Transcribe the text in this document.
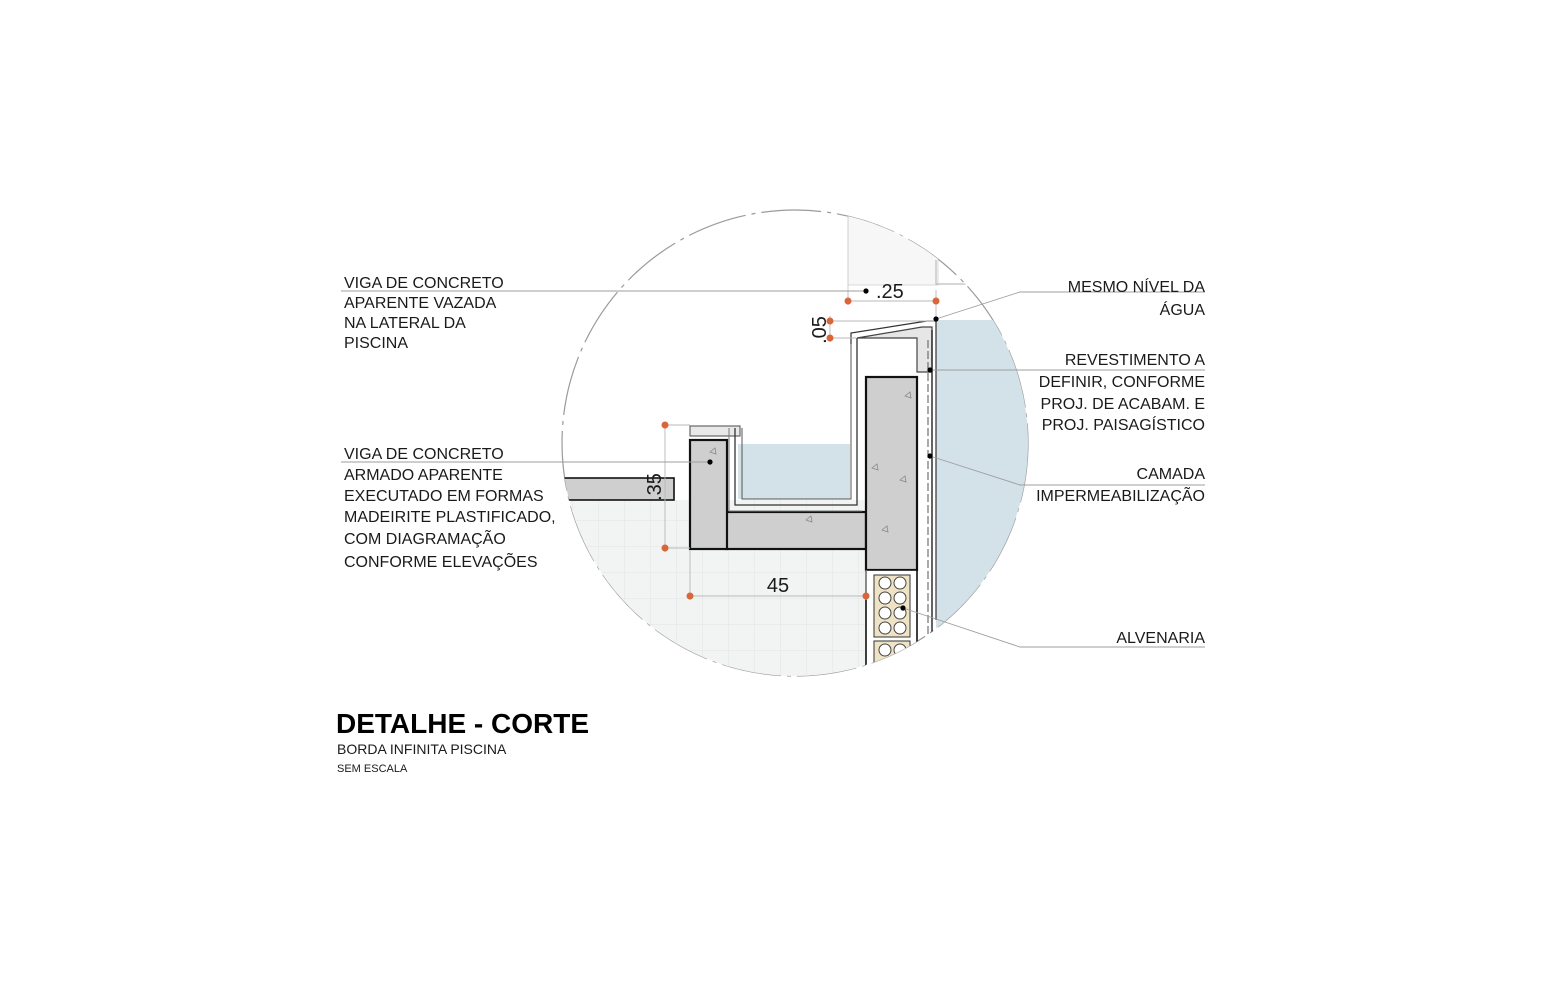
.25
.05
.35
45
VIGA DE CONCRETO
APARENTE VAZADA
NA LATERAL DA
PISCINA
VIGA DE CONCRETO
ARMADO APARENTE
EXECUTADO EM FORMAS
MADEIRITE PLASTIFICADO,
COM DIAGRAMAÇÃO
CONFORME ELEVAÇÕES
MESMO NÍVEL DA
ÁGUA
REVESTIMENTO A
DEFINIR, CONFORME
PROJ. DE ACABAM. E
PROJ. PAISAGÍSTICO
CAMADA
IMPERMEABILIZAÇÃO
ALVENARIA
DETALHE - CORTE
BORDA INFINITA PISCINA
SEM ESCALA
